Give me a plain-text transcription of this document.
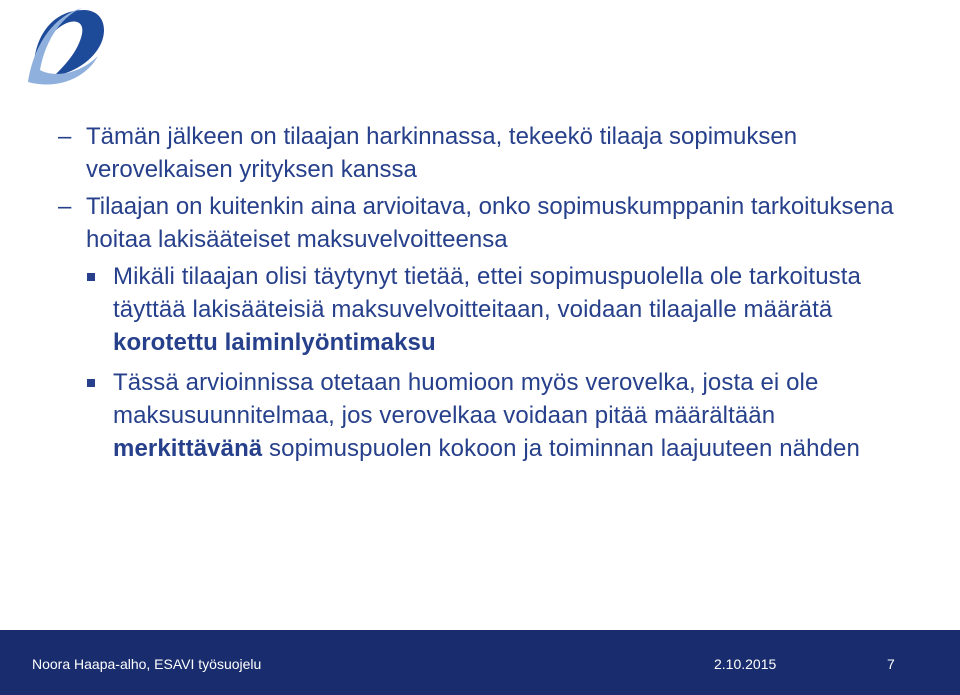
– Tämän jälkeen on tilaajan harkinnassa, tekeekö tilaaja sopimuksen verovelkaisen yrityksen kanssa
– Tilaajan on kuitenkin aina arvioitava, onko sopimuskumppanin tarkoituksena hoitaa lakisääteiset maksuvelvoitteensa
Mikäli tilaajan olisi täytynyt tietää, ettei sopimuspuolella ole tarkoitusta täyttää lakisääteisiä maksuvelvoitteitaan, voidaan tilaajalle määrätä korotettu laiminlyöntimaksu
Tässä arvioinnissa otetaan huomioon myös verovelka, josta ei ole maksusuunnitelmaa, jos verovelkaa voidaan pitää määrältään merkittävänä sopimuspuolen kokoon ja toiminnan laajuuteen nähden
Noora Haapa-alho, ESAVI työsuojelu	2.10.2015	7
